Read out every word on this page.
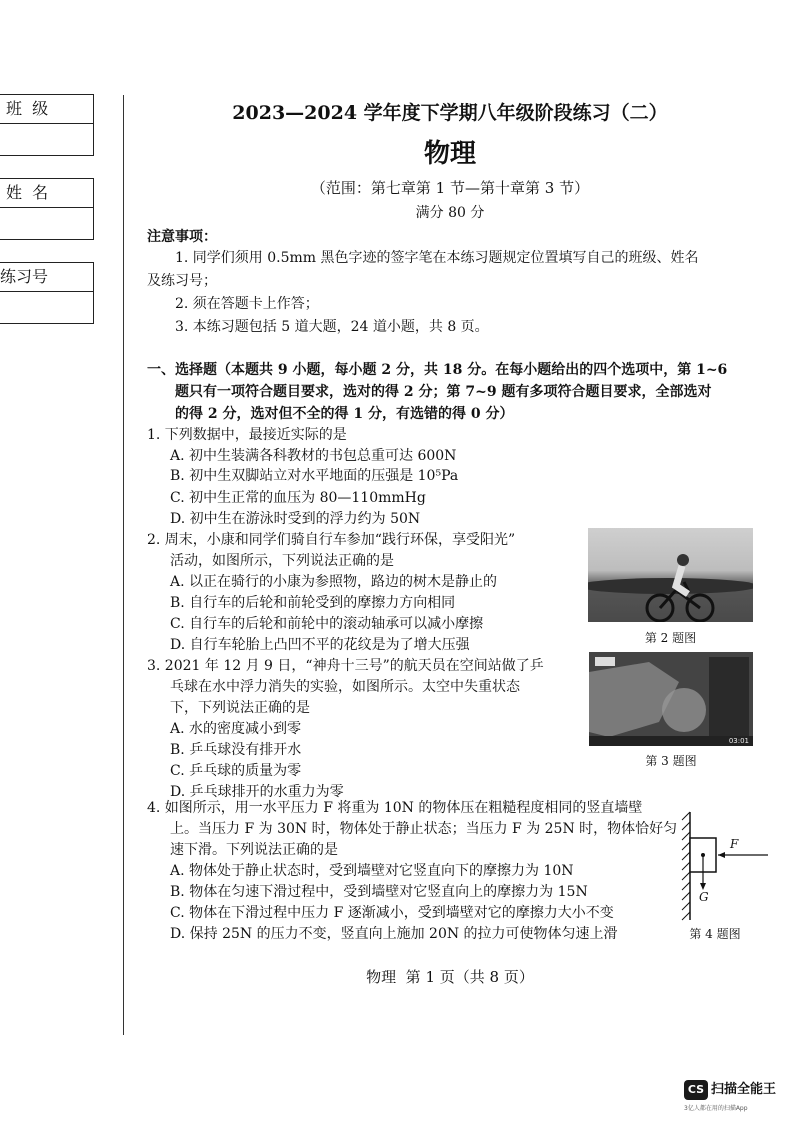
班  级
姓  名
练习号
2023—2024 学年度下学期八年级阶段练习（二）
物理
（范围：第七章第 1 节—第十章第 3 节）
满分 80 分
注意事项：
1. 同学们须用 0.5mm 黑色字迹的签字笔在本练习题规定位置填写自己的班级、姓名
及练习号；
2. 须在答题卡上作答；
3. 本练习题包括 5 道大题，24 道小题，共 8 页。
一、选择题（本题共 9 小题，每小题 2 分，共 18 分。在每小题给出的四个选项中，第 1~6
题只有一项符合题目要求，选对的得 2 分；第 7~9 题有多项符合题目要求，全部选对
的得 2 分，选对但不全的得 1 分，有选错的得 0 分）
1. 下列数据中，最接近实际的是
A. 初中生装满各科教材的书包总重可达 600N
B. 初中生双脚站立对水平地面的压强是 10⁵Pa
C. 初中生正常的血压为 80—110mmHg
D. 初中生在游泳时受到的浮力约为 50N
2. 周末，小康和同学们骑自行车参加“践行环保，享受阳光”
活动，如图所示，下列说法正确的是
A. 以正在骑行的小康为参照物，路边的树木是静止的
B. 自行车的后轮和前轮受到的摩擦力方向相同
C. 自行车的后轮和前轮中的滚动轴承可以减小摩擦
D. 自行车轮胎上凸凹不平的花纹是为了增大压强	第 2 题图
3. 2021 年 12 月 9 日，“神舟十三号”的航天员在空间站做了乒
乓球在水中浮力消失的实验，如图所示。太空中失重状态
下，下列说法正确的是
A. 水的密度减小到零
B. 乒乓球没有排开水
C. 乒乓球的质量为零
D. 乒乓球排开的水重力为零
03:01
第 3 题图
4. 如图所示，用一水平压力 F 将重为 10N 的物体压在粗糙程度相同的竖直墙壁
上。当压力 F 为 30N 时，物体处于静止状态；当压力 F 为 25N 时，物体恰好匀
速下滑。下列说法正确的是
A. 物体处于静止状态时，受到墙壁对它竖直向下的摩擦力为 10N
B. 物体在匀速下滑过程中，受到墙壁对它竖直向上的摩擦力为 15N
C. 物体在下滑过程中压力 F 逐渐减小，受到墙壁对它的摩擦力大小不变
D. 保持 25N 的压力不变，竖直向上施加 20N 的拉力可使物体匀速上滑
F
G
第 4 题图
物理  第 1 页（共 8 页）
CS 扫描全能王
3亿人都在用的扫描App
